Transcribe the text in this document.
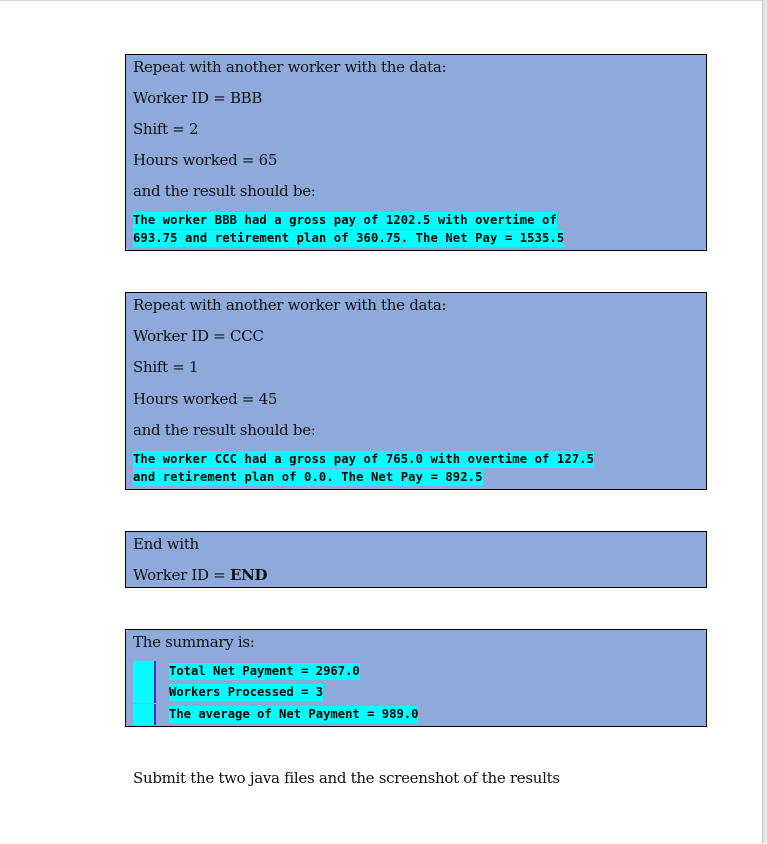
Repeat with another worker with the data:
Worker ID = BBB
Shift = 2
Hours worked = 65
and the result should be:
The worker BBB had a gross pay of 1202.5 with overtime of
693.75 and retirement plan of 360.75. The Net Pay = 1535.5
Repeat with another worker with the data:
Worker ID = CCC
Shift = 1
Hours worked = 45
and the result should be:
The worker CCC had a gross pay of 765.0 with overtime of 127.5
and retirement plan of 0.0. The Net Pay = 892.5
End with
Worker ID = END
The summary is:
Total Net Payment = 2967.0
Workers Processed = 3
The average of Net Payment = 989.0
Submit the two java files and the screenshot of the results
